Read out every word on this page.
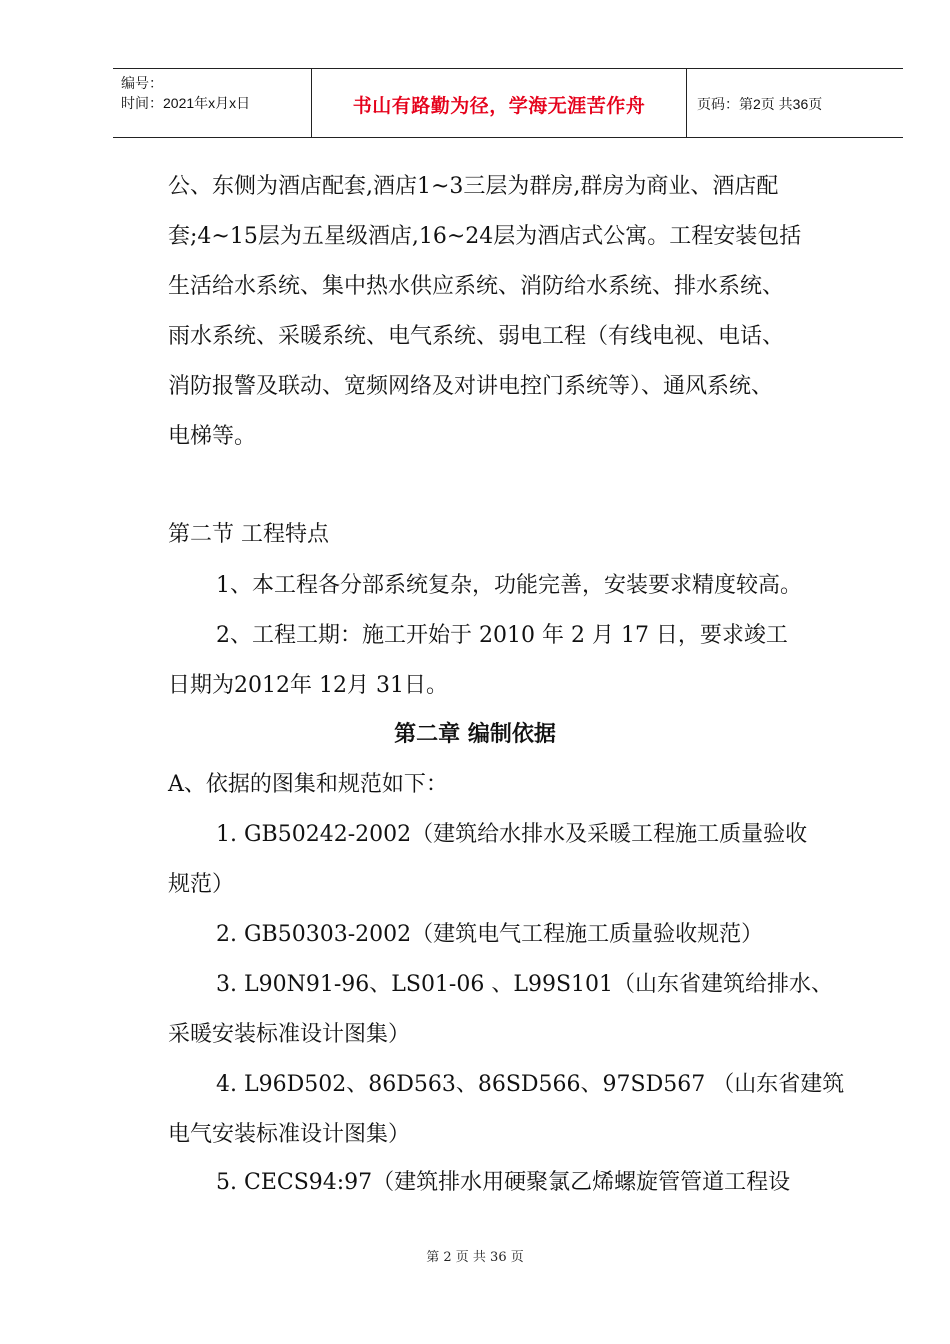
编号：
时间：2021年x月x日	书山有路勤为径，学海无涯苦作舟	页码：第2页 共36页
公、东侧为酒店配套,酒店1~3三层为群房,群房为商业、酒店配
套;4~15层为五星级酒店,16~24层为酒店式公寓。工程安装包括
生活给水系统、集中热水供应系统、消防给水系统、排水系统、
雨水系统、采暖系统、电气系统、弱电工程（有线电视、电话、
消防报警及联动、宽频网络及对讲电控门系统等）、通风系统、
电梯等。
第二节 工程特点
1、本工程各分部系统复杂，功能完善，安装要求精度较高。
2、工程工期：施工开始于 2010 年 2 月 17 日，要求竣工
日期为2012年 12月 31日。
第二章 编制依据
A、依据的图集和规范如下：
1. GB50242-2002（建筑给水排水及采暖工程施工质量验收
规范）
2. GB50303-2002（建筑电气工程施工质量验收规范）
3. L90N91-96、LS01-06 、L99S101（山东省建筑给排水、
采暖安装标准设计图集）
4. L96D502、86D563、86SD566、97SD567 （山东省建筑
电气安装标准设计图集）
5. CECS94:97（建筑排水用硬聚氯乙烯螺旋管管道工程设
第 2 页 共 36 页
